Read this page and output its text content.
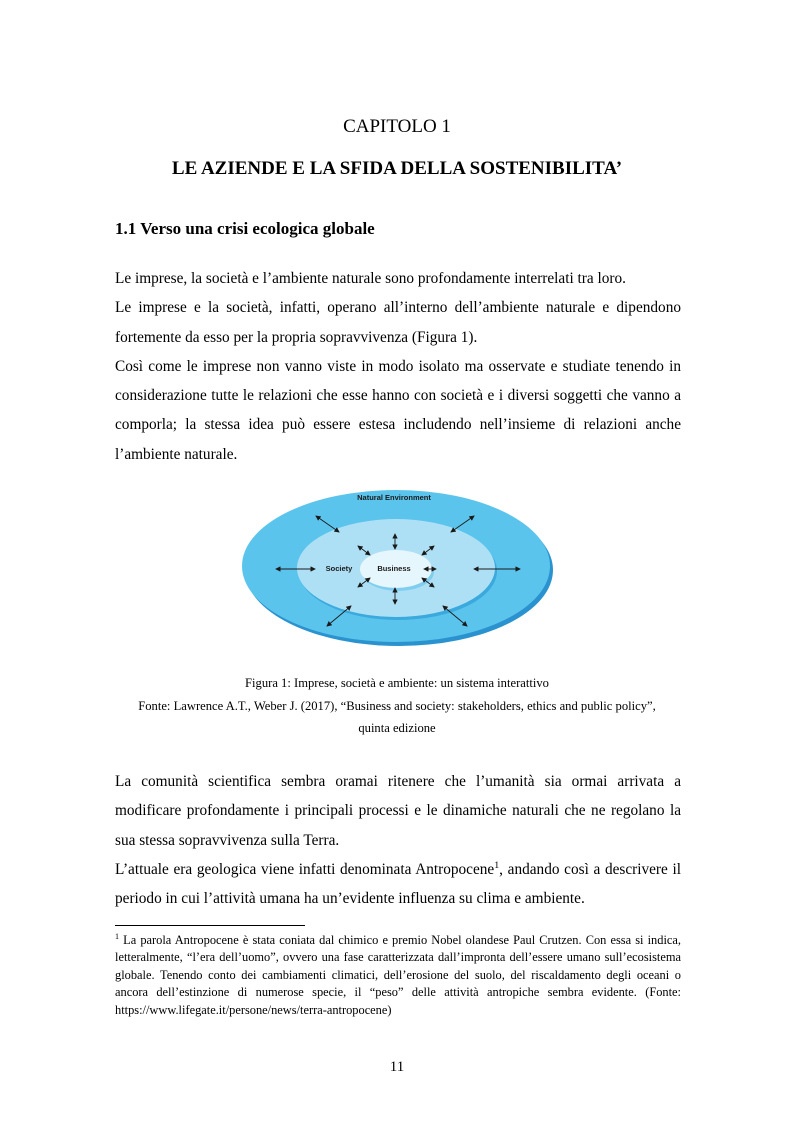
CAPITOLO 1
LE AZIENDE E LA SFIDA DELLA SOSTENIBILITA’
1.1 Verso una crisi ecologica globale

Le imprese, la società e l’ambiente naturale sono profondamente interrelati tra loro.

Le imprese e la società, infatti, operano all’interno dell’ambiente naturale e dipendono fortemente da esso per la propria sopravvivenza (Figura 1).

Così come le imprese non vanno viste in modo isolato ma osservate e studiate tenendo in considerazione tutte le relazioni che esse hanno con società e i diversi soggetti che vanno a comporla; la stessa idea può essere estesa includendo nell’insieme di relazioni anche l’ambiente naturale.

Natural Environment
Society	Business
Figura 1: Imprese, società e ambiente: un sistema interattivo
Fonte: Lawrence A.T., Weber J. (2017), “Business and society: stakeholders, ethics and public policy”,
quinta edizione

La comunità scientifica sembra oramai ritenere che l’umanità sia ormai arrivata a modificare profondamente i principali processi e le dinamiche naturali che ne regolano la sua stessa sopravvivenza sulla Terra.

L’attuale era geologica viene infatti denominata Antropocene$^1$, andando così a descrivere il periodo in cui l’attività umana ha un’evidente influenza su clima e ambiente.

$^1$ La parola Antropocene è stata coniata dal chimico e premio Nobel olandese Paul Crutzen. Con essa si indica, letteralmente, “l’era dell’uomo”, ovvero una fase caratterizzata dall’impronta dell’essere umano sull’ecosistema globale. Tenendo conto dei cambiamenti climatici, dell’erosione del suolo, del riscaldamento degli oceani o ancora dell’estinzione di numerose specie, il “peso” delle attività antropiche sembra evidente. (Fonte: https://www.lifegate.it/persone/news/terra-antropocene)
11
